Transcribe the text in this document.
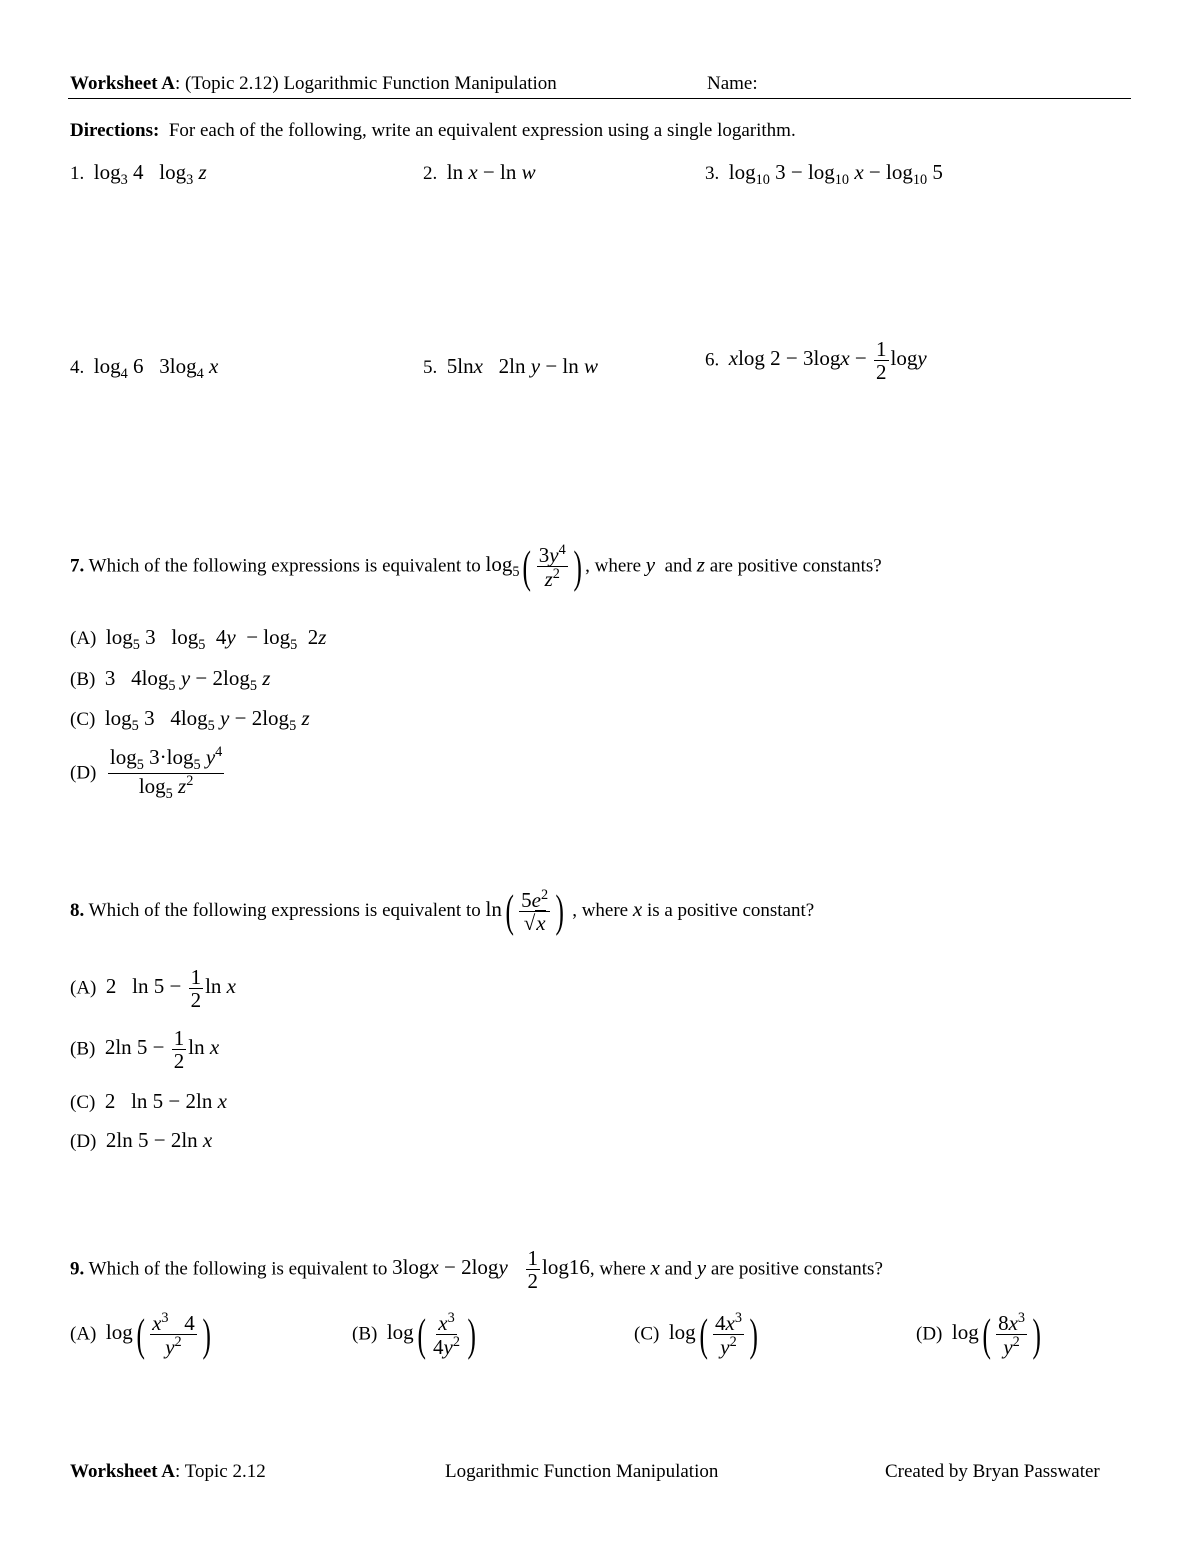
Worksheet A: (Topic 2.12) Logarithmic Function Manipulation	Name:
Directions: For each of the following, write an equivalent expression using a single logarithm.
1. $\log_3 4$   $\log_3 z$	2. ln x − ln w	3. $\log_{10} 3 - \log_{10} x - \log_{10} 5$
4. $\log_4 6$   $3\log_4$ x	5. 5lnx   2ln y − ln w	6. xlog $2 - 3\log x - \frac{1}{2}$ logy
7. Which of the following expressions is equivalent to $\log_5$ ( $\frac{3y^4}{z^2}$ ) , where y and z are positive constants?
(A) $\log_5 3$   $\log_5 4y - \log_5 2z$
(B) 3   $4\log_5$ $y - 2\log_5$ z
(C) $\log_5 3$   $4\log_5$ $y - 2\log_5$ z
$(D) \frac{\log_5 3\cdot\log_5 y^4}{\log_5 z^2}$
8. Which of the following expressions is equivalent to ln ( $\frac{5e^2}{√x}$ ) , where x is a positive constant?
(A) 2   $\ln 5 - \frac{1}{2}$ ln x
(B) 2ln $5 - \frac{1}{2}$ ln x
(C) 2   ln 5 − 2ln x
(D) 2ln 5 − 2ln x
9. Which of the following is equivalent to $3\log x - 2\log y \frac{1}{2} \log 16$, where x and y are positive constants?
(A) log ( $\frac{x^3 4}{y^2}$ )	(B) log ( $\frac{x^3}{4y^2}$ )	(C) log ( $\frac{4x^3}{y^2}$ )	(D) log ( $\frac{8x^3}{y^2}$ )
Worksheet A: Topic 2.12	Logarithmic Function Manipulation	Created by Bryan Passwater
